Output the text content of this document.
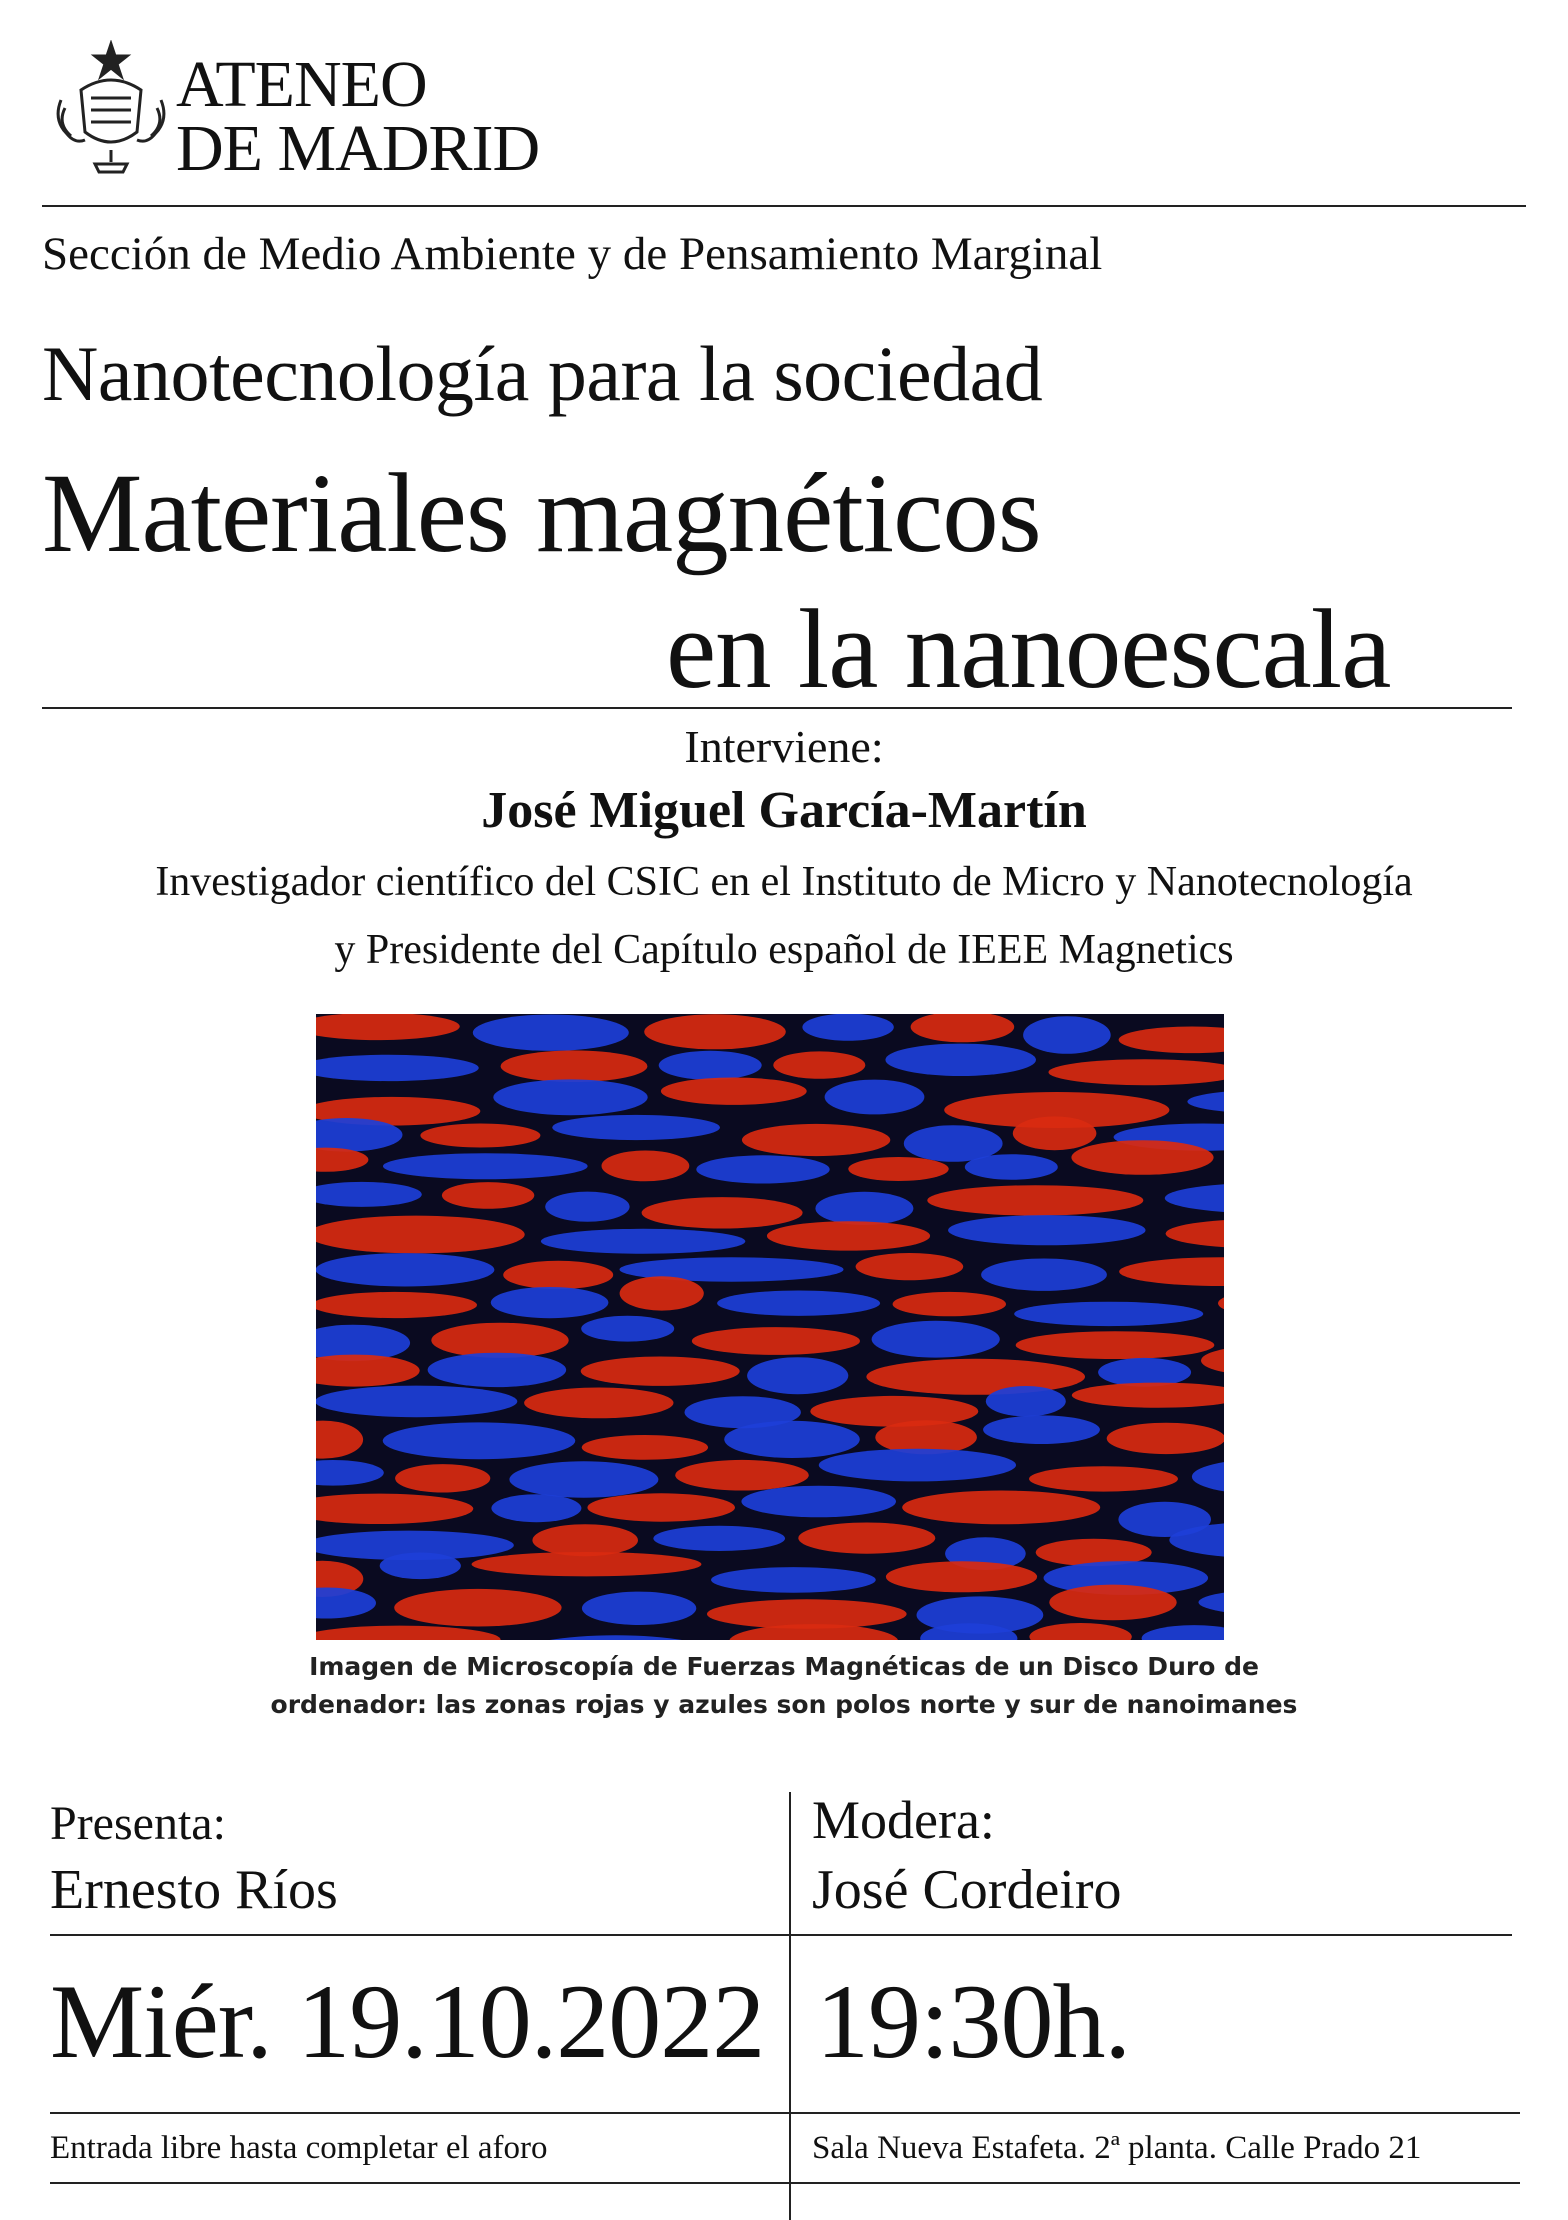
ATENEO
DE MADRID
Sección de Medio Ambiente y de Pensamiento Marginal
Nanotecnología para la sociedad
Materiales magnéticos
en la nanoescala
Interviene:
José Miguel García-Martín
Investigador científico del CSIC en el Instituto de Micro y Nanotecnología
y Presidente del Capítulo español de IEEE Magnetics
Imagen de Microscopía de Fuerzas Magnéticas de un Disco Duro de
ordenador: las zonas rojas y azules son polos norte y sur de nanoimanes
Presenta:
Ernesto Ríos
Modera:
José Cordeiro
Miér. 19.10.2022 19:30h.
Entrada libre hasta completar el aforo	Sala Nueva Estafeta. 2ª planta. Calle Prado 21
